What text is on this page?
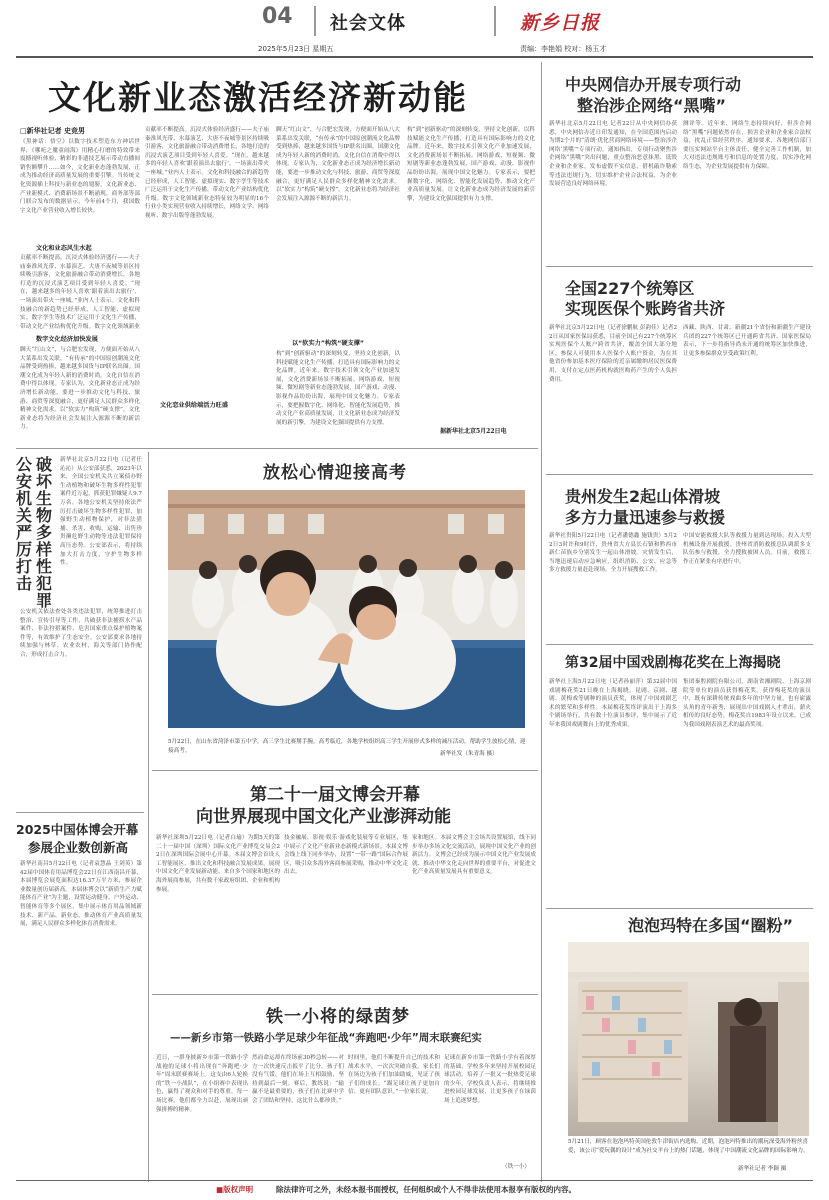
04 社会文体
2025年5月23日 星期五
新乡日报
责编：李艳娟 校对：杨玉才
文化新业态激活经济新动能
□新华社记者 史竞男
《黑神话：悟空》以数字技术塑造东方神话世界，《哪吒之魔童闹海》用精心打磨的特效带来震撼视听体验，精彩的非遗技艺展示带动直播间销售额攀升……如今，文化新业态蓬勃发展，正成为推动经济高质量发展的重要引擎。当传统文化资源插上科技与新业态的翅膀，文化新业态、产业新模式、消费新场景不断涌现。商务部等部门联合发布的数据显示，今年前4个月，我国数字文化产业营业收入增长较快。
文化和业态风生水起
贡献率不断提高。沉浸式体验经济盛行——夫子庙秦淮风光带、水幕演艺、大唐不夜城等景区持续吸引游客，文化旅游融合带动消费增长，各地打造的沉浸式演艺项目受到年轻人喜爱。“现在，越来越多的年轻人喜欢‘跟着演出去旅行’，一场演出带火一座城。”业内人士表示。文化和科技融合的新趋势已经形成，人工智能、虚拟现实、数字孪生等技术广泛运用于文化生产传播，带动文化产业结构优化升级。数字文化领域新业
数字文化经济加快发展
聊天“红山文”，与合肥宏发现，方便面开始从八大菜系出发关联，“有传承”的中国原创潮流文化品牌受到热捧，越来越多国货与IP联名出圈。国潮文化成为年轻人新的消费时尚，文化自信在消费中得以体现。专家认为，文化新业态正成为经济增长新动能，要进一步推动文化与科技、旅游、商贸等深度融合，更好满足人民群众多样化精神文化需求。以“软实力”构筑“硬支撑”，文化新业态将为经济社会发展注入源源不断的新活力。
贡献率不断提高。沉浸式体验经济盛行——夫子庙秦淮风光带、水幕演艺、大唐不夜城等景区持续吸引游客，文化旅游融合带动消费增长，各地打造的沉浸式演艺项目受到年轻人喜爱。“现在，越来越多的年轻人喜欢‘跟着演出去旅行’，一场演出带火一座城。”业内人士表示。文化和科技融合的新趋势已经形成，人工智能、虚拟现实、数字孪生等技术广泛运用于文化生产传播，带动文化产业结构优化升级。数字文化领域新业态特征较为明显的16个行业小类实现营业收入持续增长，网络文学、网络视听、数字出版等蓬勃发展。
文化恋业供给端活力旺盛
聊天“红山文”，与合肥宏发现，方便面开始从八大菜系出发关联，“有传承”的中国原创潮流文化品牌受到热捧，越来越多国货与IP联名出圈。国潮文化成为年轻人新的消费时尚，文化自信在消费中得以体现。专家认为，文化新业态正成为经济增长新动能，要进一步推动文化与科技、旅游、商贸等深度融合，更好满足人民群众多样化精神文化需求。以“软实力”构筑“硬支撑”，文化新业态将为经济社会发展注入源源不断的新活力。
以“软实力”构筑“硬支撑”
构“到”创新驱动”的深刻转变，坚持文化创新，以科技赋能文化生产传播，打造具有国际影响力的文化品牌。近年来，数字技术引领文化产业加速发展，文化消费新场景不断拓展。网络游戏、短视频、微短剧等新业态蓬勃发展，国产游戏、动漫、影视作品纷纷出海，展现中国文化魅力。专家表示，要把握数字化、网络化、智能化发展趋势，推动文化产业高质量发展，让文化新业态成为经济发展的新引擎，为建设文化强国提供有力支撑。
构“到”创新驱动”的深刻转变，坚持文化创新，以科技赋能文化生产传播，打造具有国际影响力的文化品牌。近年来，数字技术引领文化产业加速发展，文化消费新场景不断拓展。网络游戏、短视频、微短剧等新业态蓬勃发展，国产游戏、动漫、影视作品纷纷出海，展现中国文化魅力。专家表示，要把握数字化、网络化、智能化发展趋势，推动文化产业高质量发展，让文化新业态成为经济发展的新引擎，为建设文化强国提供有力支撑。
据新华社北京5月22日电
中央网信办开展专项行动
整治涉企网络“黑嘴”
新华社北京5月22日电 记者22日从中央网信办获悉，中央网信办近日印发通知，在全国范围内启动为期2个月的“清朗·优化营商网络环境——整治涉企网络‘黑嘴’”专项行动。通知指出，专项行动聚焦涉企网络“黑嘴”突出问题，重点整治恶意抹黑、诋毁企业和企业家，发布虚假不实信息，借机敲诈勒索等违法违规行为，切实维护企业合法权益，为企业发展营造良好网络环境。
测评等。近年来，网络生态持续向好，但涉企网络“黑嘴”问题依然存在，损害企业和企业家合法权益，扰乱正常经营秩序。通知要求，各地网信部门要压实网站平台主体责任，健全完善工作机制，加大对违法违规账号和信息的处置力度，切实净化网络生态，为企业发展提供有力保障。
全国227个统筹区
实现医保个账跨省共济
新华社北京5月22日电（记者徐鹏航 彭韵佳）记者22日从国家医保局获悉，目前全国已有227个统筹区实现医保个人账户跨省共济，覆盖全国大部分地区。参保人可使用本人医保个人账户资金，为在其他省份参加基本医疗保险的近亲属缴纳居民医保费用，支付在定点医药机构就医购药产生的个人负担费用。
西藏、陕西、甘肃、新疆21个省份和新疆生产建设兵团的227个统筹区已开通跨省共济。国家医保局表示，下一步将指导尚未开通的统筹区加快推进，让更多参保群众享受政策红利。
贵州发生2起山体滑坡
多方力量迅速参与救援
新华社贵阳5月22日电（记者潘德鑫 施钱贵）5月22日3时许和9时许，贵州省大方县长石镇和黔西市新仁苗族乡分别发生一起山体滑坡。灾情发生后，当地迅速启动应急响应，组织消防、公安、应急等多方救援力量赶赴现场，全力开展搜救工作。
中国安能救援大队等救援力量到达现场，投入大型机械设备开展救援。贵州省消防救援总队调派多支队伍参与救援，全力搜救被困人员。目前，救援工作正在紧张有序进行中。
第32届中国戏剧梅花奖在上海揭晓
新华社上海5月22日电（记者孙丽萍）第32届中国戏剧梅花奖21日晚在上海揭晓。昆剧、京剧、越剧、黄梅戏等剧种的演员获奖，体现了中国戏剧艺术的繁荣和多样性。本届梅花奖终评演出于上海多个剧场举行，共有数十位演员参评，集中展示了近年来我国戏剧舞台上的优秀成果。
集团秦腔剧院有限公司，湖南省湘剧院、上海京剧院等单位的演员获得梅花奖。获得梅花奖的演员中，既有深耕传统戏曲多年的中坚力量，也有崭露头角的青年新秀，展现出中国戏剧人才辈出、薪火相传的良好态势。梅花奖自1983年设立以来，已成为我国戏剧表演艺术的最高奖项。
泡泡玛特在多国“圈粉”
5月21日，顾客在泡泡玛特英国伦敦牛津街店内选购。近期，泡泡玛特推出的潮玩深受海外粉丝喜爱，该公司“爱玩偶的设计”成为社交平台上的热门话题，体现了中国潮流文化品牌的国际影响力。
新华社记者 李颖 摄
破
坏
生
物
多
样
性
犯
罪
公
安
机
关
严
厉
打
击
新华社北京5月22日电（记者任沁沁）从公安部获悉，2023年以来，全国公安机关共立案侦办野生动植物和破坏生物多样性犯罪案件近万起，抓获犯罪嫌疑人9.7万名。各地公安机关坚持依法严厉打击破坏生物多样性犯罪，加强野生动植物保护，对非法猎捕、杀害、收购、运输、出售珍贵濒危野生动物等违法犯罪保持高压态势。公安部表示，将持续加大打击力度，守护生物多样性。
公安机关依法查处各类违法犯罪，统筹推进打击整治、宣传引导等工作，共破获非法捕捞水产品案件、非法狩猎案件、危害国家重点保护植物案件等，有效维护了生态安全。公安部要求各地持续加强与林草、农业农村、海关等部门协作配合，形成打击合力。
2025中国体博会开幕
参展企业数创新高
新华社南昌5月22日电（记者袁慧晶 王剑英）第42届中国体育用品博览会22日在江西南昌开幕，本届博览会展览面积达16.37万平方米，参展企业数量创历届新高。本届体博会以“新质生产力赋能体育产业”为主题，设置运动健身、户外运动、智能体育等多个展区，集中展示体育用品领域新技术、新产品、新业态，推动体育产业高质量发展，满足人民群众多样化体育消费需求。
放松心情迎接高考
5月22日，在山东省菏泽市第五中学，高三学生比赛掰手腕。高考临近，各地学校组织高三学生开展形式多样的减压活动，帮助学生放松心情，迎接高考。
新华社发（朱青海 摄）
第二十一届文博会开幕
向世界展现中国文化产业澎湃动能
新华社深圳5月22日电（记者白瑜）为期5天的第二十一届中国（深圳）国际文化产业博览交易会22日在深圳国际会展中心开幕。本届文博会首设人工智能展区，推出文化和科技融合发展成果，展现中国文化产业发展新动能。来自多个国家和地区的海外展商参展，共有数千家政府组团、企业和机构参展。
技金融展、影视·娱乐·游戏化装展等专业展区，集中展示了文化产业新业态新模式新场景。本届文博会线上线下同步举办，设置“一带一路”国际合作展区，吸引众多海外客商参展采购，推动中华文化走出去。
家和地区。本届文博会主会场共设置展馆，线下同步举办多场文化交流活动，展现中国文化产业的创新活力。文博会已经成为展示中国文化产业发展成就、推动中华文化走向世界的重要平台，对促进文化产业高质量发展具有重要意义。
铁一小将的绿茵梦
——新乡市第一铁路小学足球少年征战“奔跑吧·少年”周末联赛纪实
近日，一群身披新乡市第一铁路小学战袍的足球小将出现在“奔跑吧·少年”周末联赛赛场上。这支由6人轮换的“铁一小战队”，在小组赛中表现出色，赢得了观众和对手的尊重。每一场比赛，他们都全力以赴，展现出顽强拼搏的精神。
然而命运却在终场前30秒急转——对方一次快速反击扳平了比分。孩子们没有气馁，他们在场上互相鼓励，坚持到最后一刻。赛后，教练说：“输赢不是最重要的，孩子们在比赛中学会了团结和坚持，这比什么都珍贵。”
时间里，他们不断提升自己的技术和战术水平，一次次突破自我。家长们在场边为孩子们加油助威，见证了孩子们的成长。“踢足球让孩子更加自信、更有团队意识。”一位家长说。
足球在新乡市第一铁路小学有着深厚的基础，学校多年来坚持开展校园足球活动，培养了一批又一批热爱足球的少年。学校负责人表示，将继续推进校园足球发展，让更多孩子在绿茵场上追逐梦想。
（铁一小）
■版权声明	除法律许可之外，未经本报书面授权，任何组织或个人不得非法使用本报享有版权的内容。
